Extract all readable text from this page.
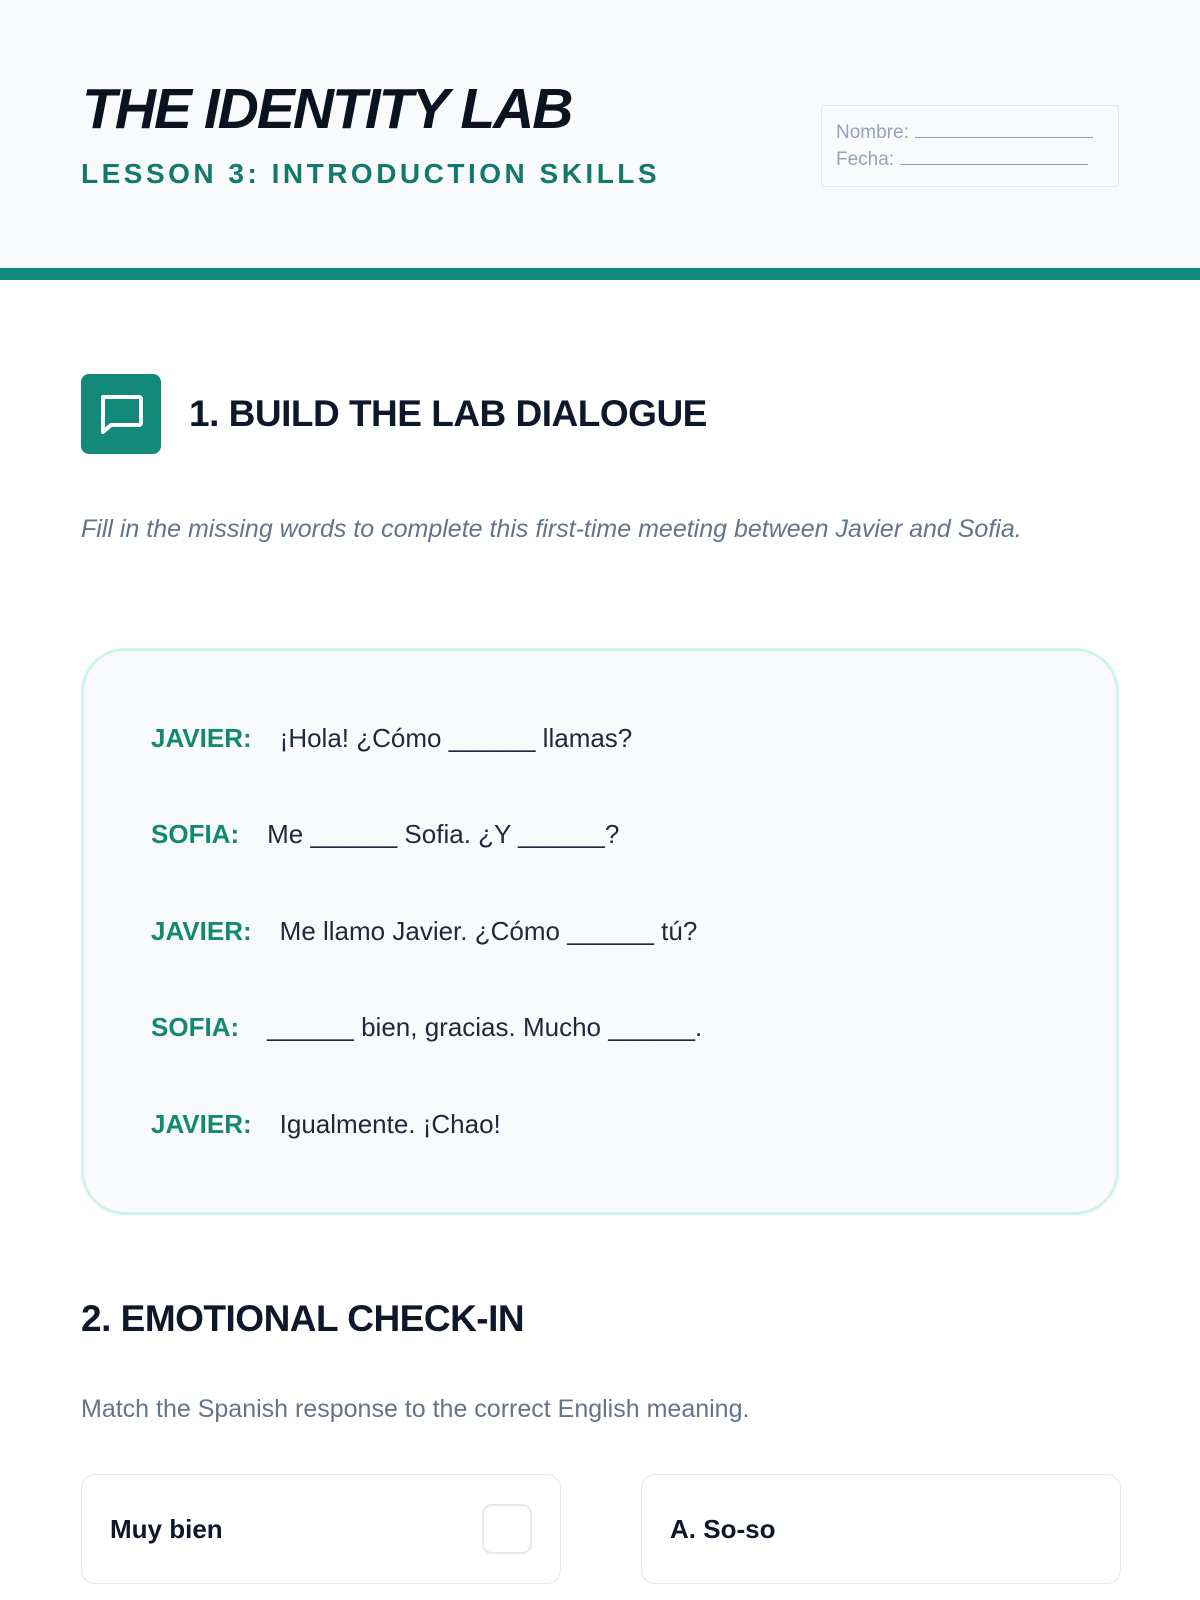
THE IDENTITY LAB

LESSON 3: INTRODUCTION SKILLS

Nombre:
Fecha:
1. BUILD THE LAB DIALOGUE

Fill in the missing words to complete this first-time meeting between Javier and Sofia.

JAVIER: ¡Hola! ¿Cómo ______ llamas?
SOFIA: Me ______ Sofia. ¿Y ______?
JAVIER: Me llamo Javier. ¿Cómo ______ tú?
SOFIA: ______ bien, gracias. Mucho ______.
JAVIER: Igualmente. ¡Chao!
2. EMOTIONAL CHECK-IN

Match the Spanish response to the correct English meaning.

Muy bien	A. So-so
